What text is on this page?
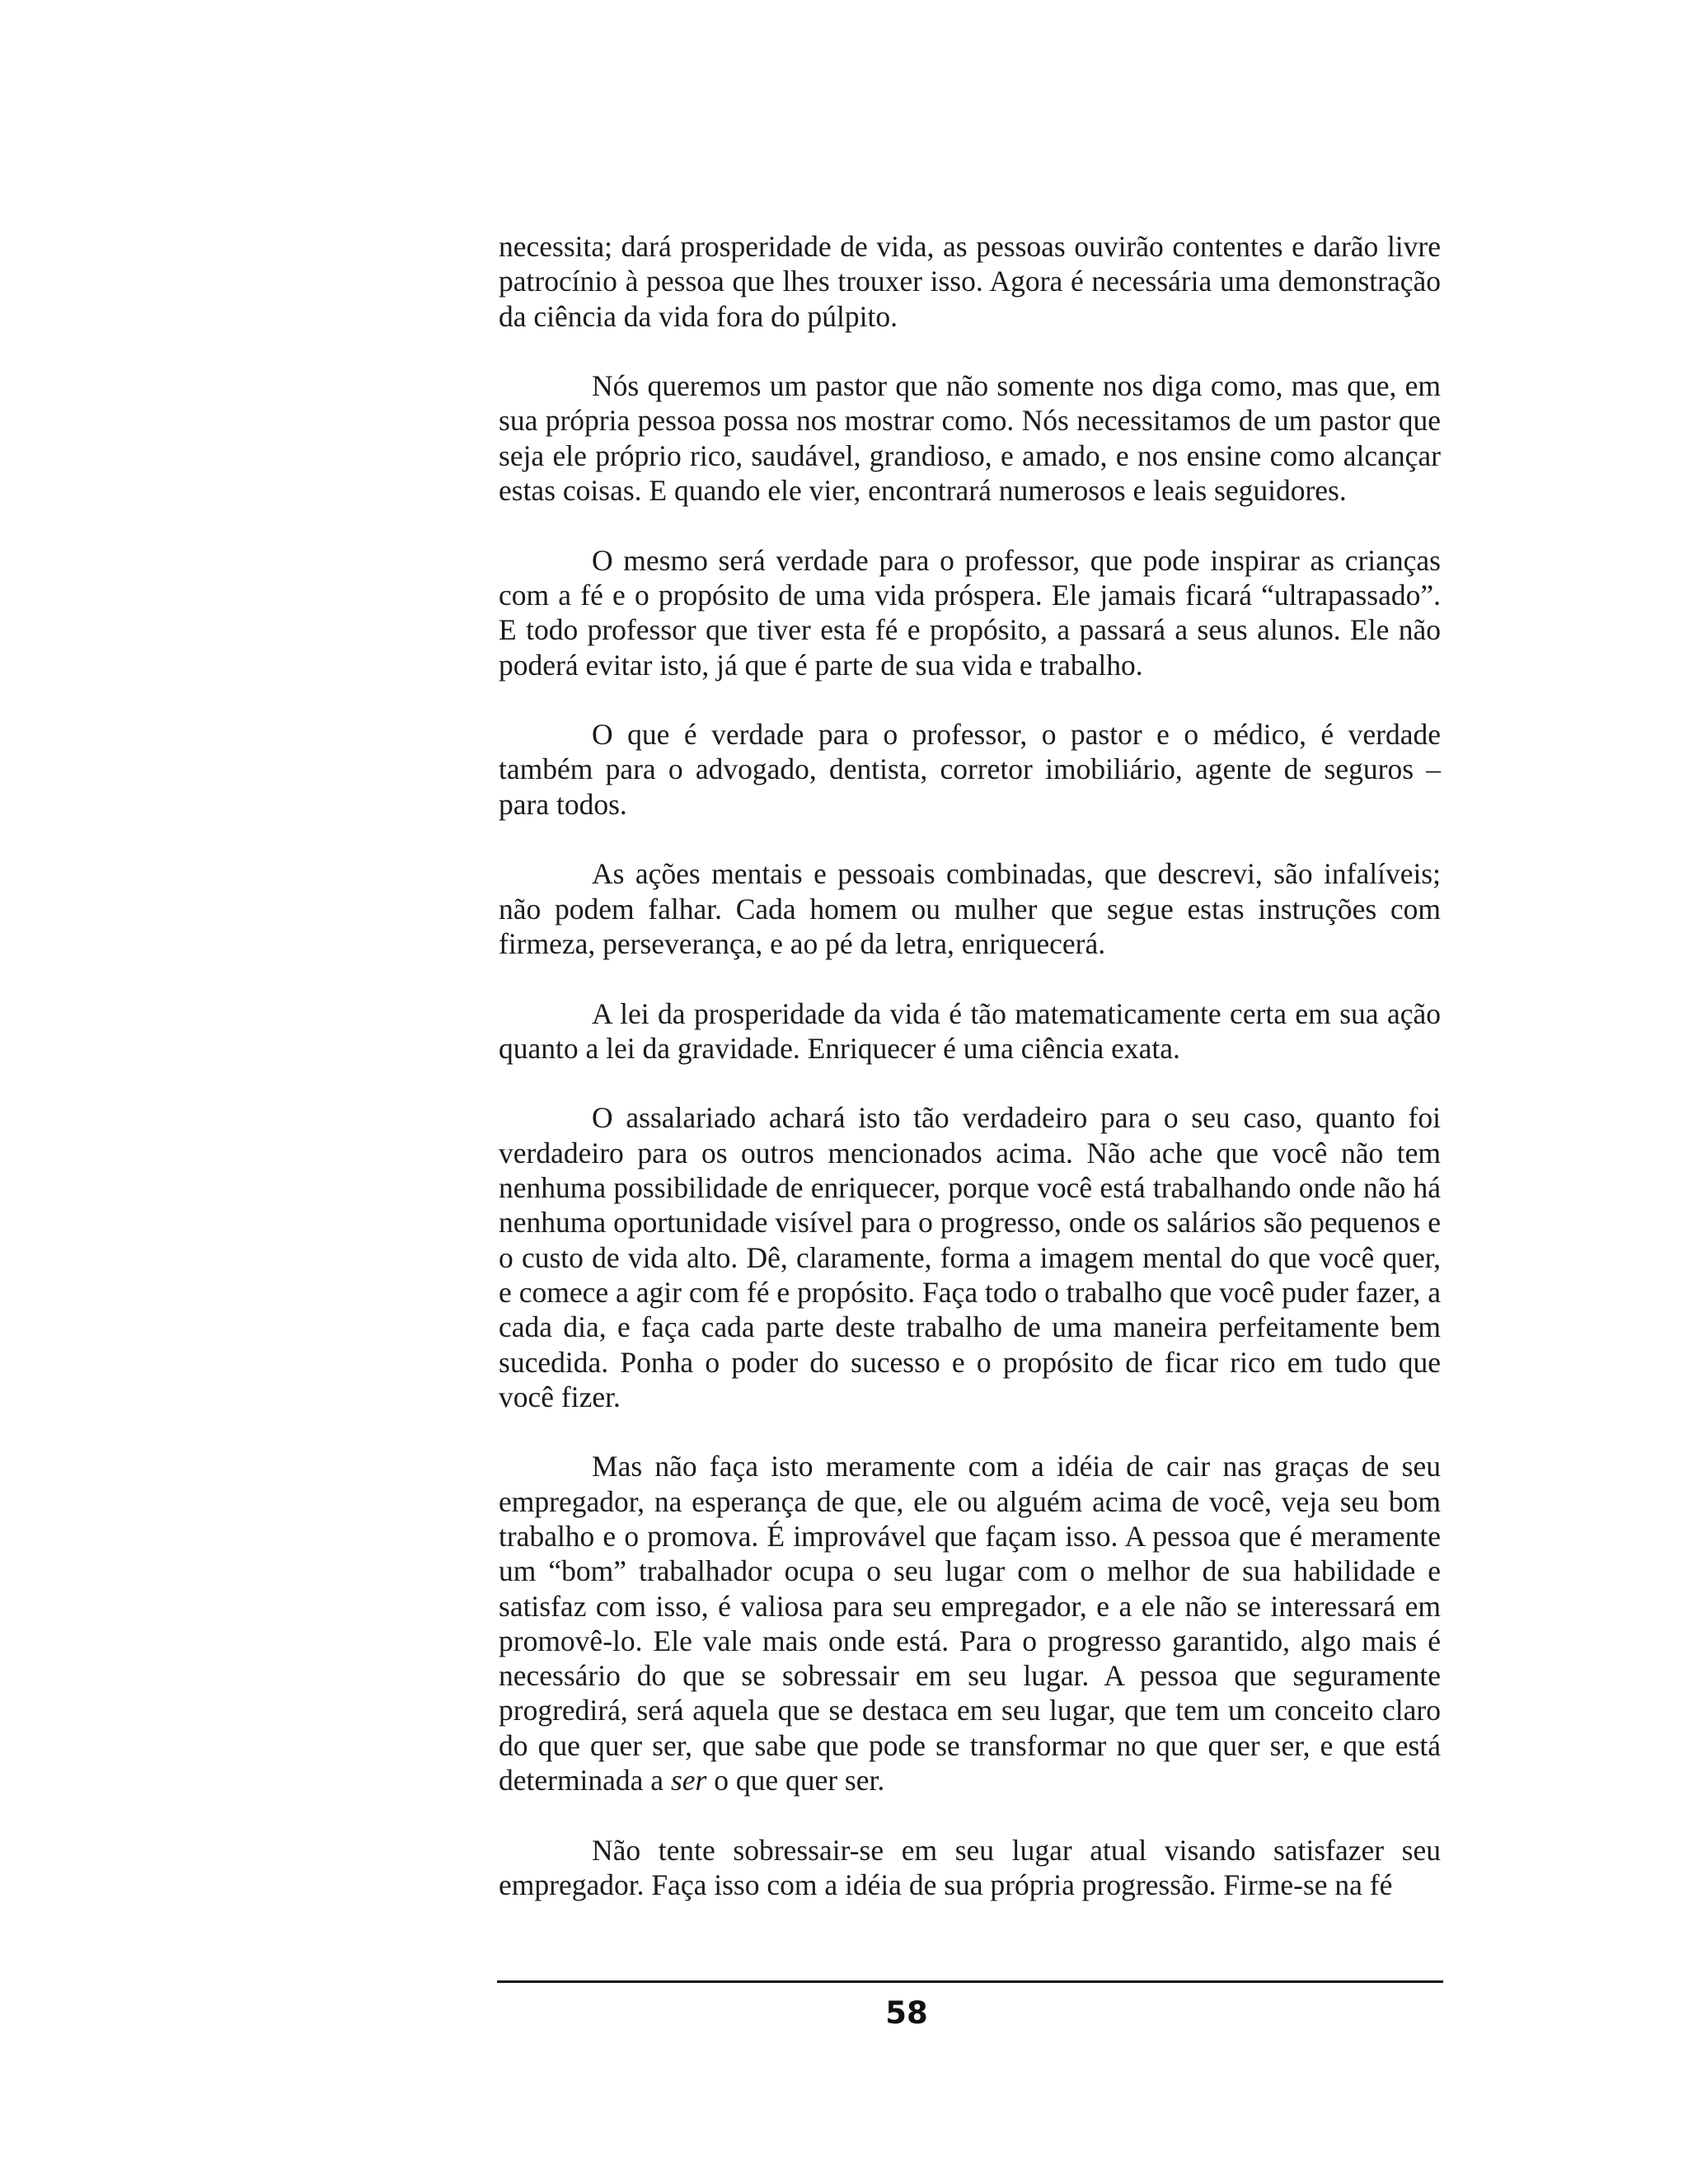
necessita; dará prosperidade de vida, as pessoas ouvirão contentes e darão livre patrocínio à pessoa que lhes trouxer isso. Agora é necessária uma demonstração da ciência da vida fora do púlpito.

Nós queremos um pastor que não somente nos diga como, mas que, em sua própria pessoa possa nos mostrar como. Nós necessitamos de um pastor que seja ele próprio rico, saudável, grandioso, e amado, e nos ensine como alcançar estas coisas. E quando ele vier, encontrará numerosos e leais seguidores.

O mesmo será verdade para o professor, que pode inspirar as crianças com a fé e o propósito de uma vida próspera. Ele jamais ficará “ultrapassado”. E todo professor que tiver esta fé e propósito, a passará a seus alunos. Ele não poderá evitar isto, já que é parte de sua vida e trabalho.

O que é verdade para o professor, o pastor e o médico, é verdade também para o advogado, dentista, corretor imobiliário, agente de seguros – para todos.

As ações mentais e pessoais combinadas, que descrevi, são infalíveis; não podem falhar. Cada homem ou mulher que segue estas instruções com firmeza, perseverança, e ao pé da letra, enriquecerá.

A lei da prosperidade da vida é tão matematicamente certa em sua ação quanto a lei da gravidade. Enriquecer é uma ciência exata.

O assalariado achará isto tão verdadeiro para o seu caso, quanto foi verdadeiro para os outros mencionados acima. Não ache que você não tem nenhuma possibilidade de enriquecer, porque você está trabalhando onde não há nenhuma oportunidade visível para o progresso, onde os salários são pequenos e o custo de vida alto. Dê, claramente, forma a imagem mental do que você quer, e comece a agir com fé e propósito. Faça todo o trabalho que você puder fazer, a cada dia, e faça cada parte deste trabalho de uma maneira perfeitamente bem sucedida. Ponha o poder do sucesso e o propósito de ficar rico em tudo que você fizer.

Mas não faça isto meramente com a idéia de cair nas graças de seu empregador, na esperança de que, ele ou alguém acima de você, veja seu bom trabalho e o promova. É improvável que façam isso. A pessoa que é meramente um “bom” trabalhador ocupa o seu lugar com o melhor de sua habilidade e satisfaz com isso, é valiosa para seu empregador, e a ele não se interessará em promovê-lo. Ele vale mais onde está. Para o progresso garantido, algo mais é necessário do que se sobressair em seu lugar. A pessoa que seguramente progredirá, será aquela que se destaca em seu lugar, que tem um conceito claro do que quer ser, que sabe que pode se transformar no que quer ser, e que está determinada a ser o que quer ser.

Não tente sobressair-se em seu lugar atual visando satisfazer seu empregador. Faça isso com a idéia de sua própria progressão. Firme-se na fé

58
